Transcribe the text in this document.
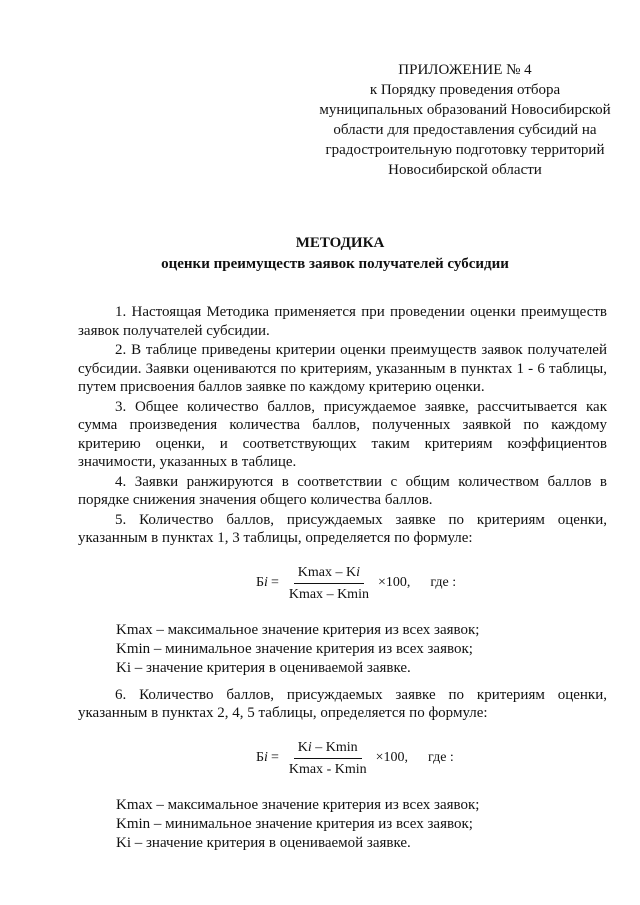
ПРИЛОЖЕНИЕ № 4
к Порядку проведения отбора
муниципальных образований Новосибирской
области для предоставления субсидий на
градостроительную подготовку территорий
Новосибирской области
МЕТОДИКА
оценки преимуществ заявок получателей субсидии

1. Настоящая Методика применяется при проведении оценки преимуществ заявок получателей субсидии.

2. В таблице приведены критерии оценки преимуществ заявок получателей субсидии. Заявки оцениваются по критериям, указанным в пунктах 1 - 6 таблицы, путем присвоения баллов заявке по каждому критерию оценки.

3. Общее количество баллов, присуждаемое заявке, рассчитывается как сумма произведения количества баллов, полученных заявкой по каждому критерию оценки, и соответствующих таким критериям коэффициентов значимости, указанных в таблице.

4. Заявки ранжируются в соответствии с общим количеством баллов в порядке снижения значения общего количества баллов.

5. Количество баллов, присуждаемых заявке по критериям оценки, указанным в пунктах 1, 3 таблицы, определяется по формуле:

Бi = $\frac{Kmax - Ki}{Kmax - Kmin} \times 100$, где :
Kmax – максимальное значение критерия из всех заявок;
Kmin – минимальное значение критерия из всех заявок;
Ki – значение критерия в оцениваемой заявке.

6. Количество баллов, присуждаемых заявке по критериям оценки, указанным в пунктах 2, 4, 5 таблицы, определяется по формуле:

Бi = $\frac{Ki - Kmin}{Kmax - Kmin} \times 100$, где :
Kmax – максимальное значение критерия из всех заявок;
Kmin – минимальное значение критерия из всех заявок;
Ki – значение критерия в оцениваемой заявке.
